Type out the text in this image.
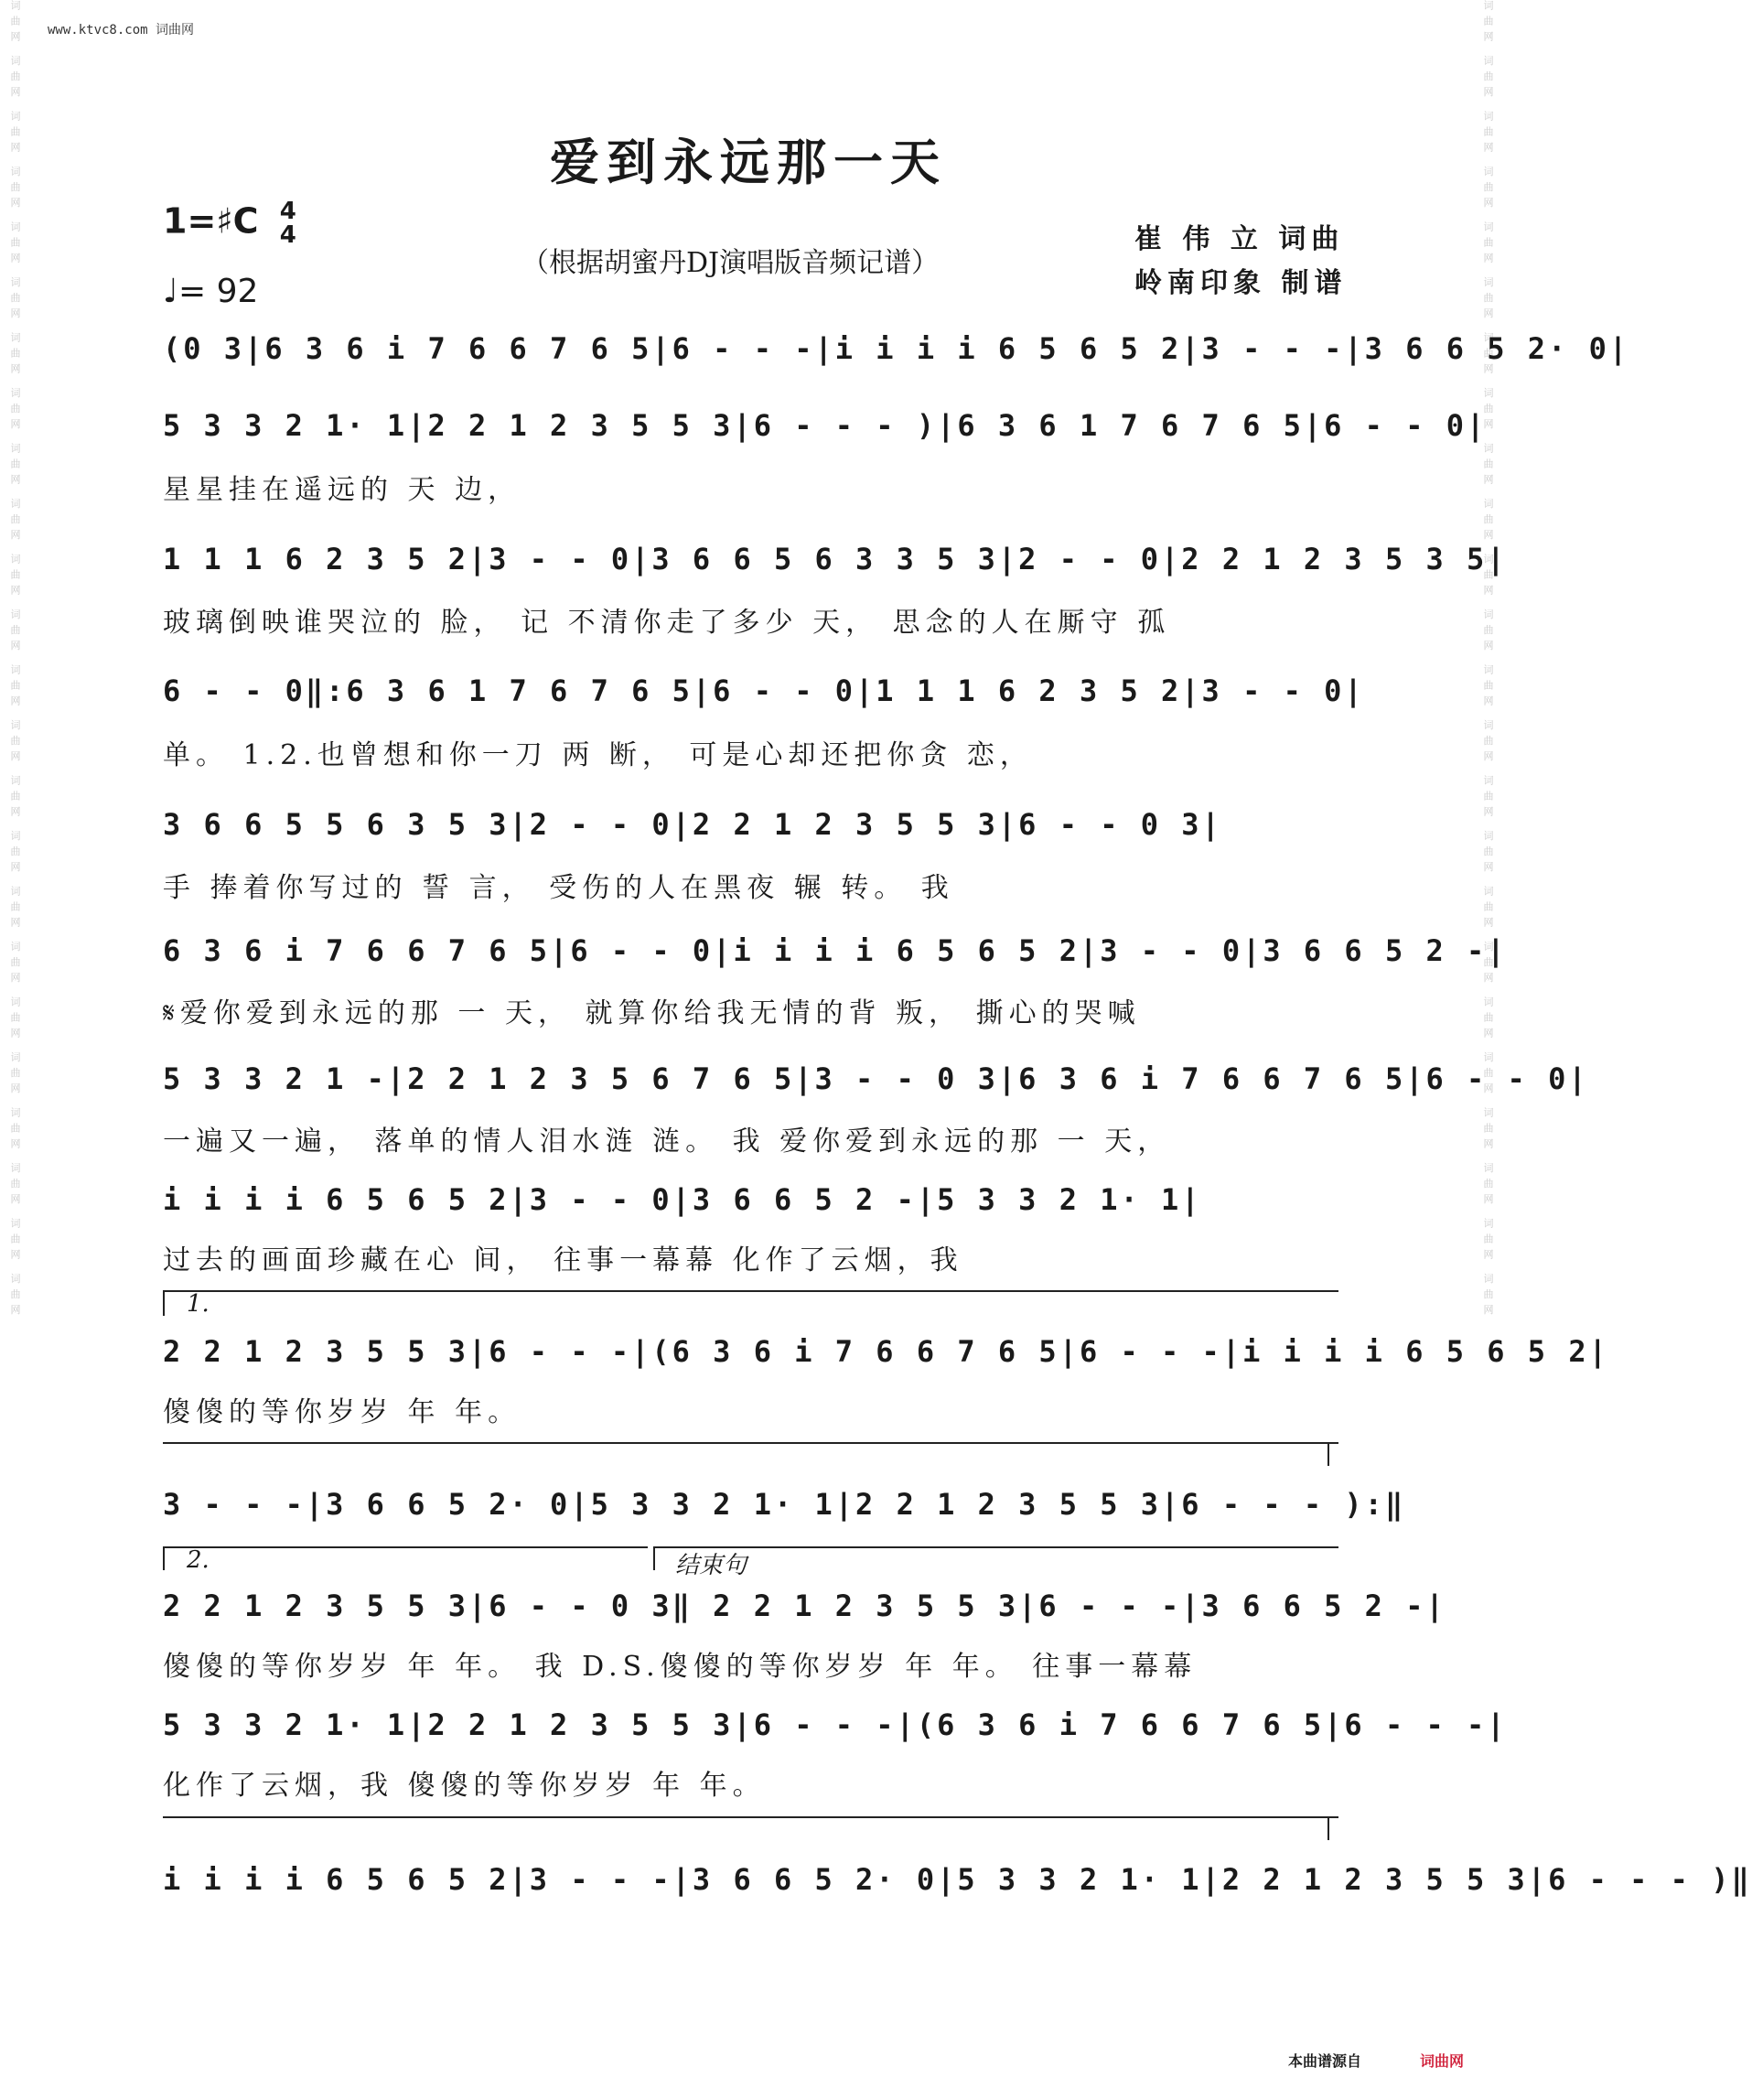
词曲网 词曲网 词曲网 词曲网 词曲网 词曲网 词曲网 词曲网 词曲网 词曲网 词曲网 词曲网 词曲网 词曲网 词曲网 词曲网 词曲网 词曲网 词曲网 词曲网 词曲网 词曲网 词曲网 词曲网	词曲网 词曲网 词曲网 词曲网 词曲网 词曲网 词曲网 词曲网 词曲网 词曲网 词曲网 词曲网 词曲网 词曲网 词曲网 词曲网 词曲网 词曲网 词曲网 词曲网 词曲网 词曲网 词曲网 词曲网
www.ktvc8.com 词曲网
爱到永远那一天
1=♯C 4
4
♩= 92
（根据胡蜜丹DJ演唱版音频记谱）
崔 伟 立 词曲
岭南印象 制谱
(0 3|6 3 6 i 7 6 6 7 6 5|6 - - -|i i i i 6 5 6 5 2|3 - - -|3 6 6 5 2· 0|
5 3 3 2 1· 1|2 2 1 2 3 5 5 3|6 - - - )|6 3 6 1 7 6 7 6 5|6 - - 0|
星星挂在遥远的 天 边，
1 1 1 6 2 3 5 2|3 - - 0|3 6 6 5 6 3 3 5 3|2 - - 0|2 2 1 2 3 5 3 5|
玻璃倒映谁哭泣的 脸， 记 不清你走了多少 天， 思念的人在厮守 孤
6 - - 0‖:6 3 6 1 7 6 7 6 5|6 - - 0|1 1 1 6 2 3 5 2|3 - - 0|
单。 1.2.也曾想和你一刀 两 断， 可是心却还把你贪 恋，
3 6 6 5 5 6 3 5 3|2 - - 0|2 2 1 2 3 5 5 3|6 - - 0 3|
手 捧着你写过的 誓 言， 受伤的人在黑夜 辗 转。 我
6 3 6 i 7 6 6 7 6 5|6 - - 0|i i i i 6 5 6 5 2|3 - - 0|3 6 6 5 2 -|
𝄋爱你爱到永远的那 一 天， 就算你给我无情的背 叛， 撕心的哭喊
5 3 3 2 1 -|2 2 1 2 3 5 6 7 6 5|3 - - 0 3|6 3 6 i 7 6 6 7 6 5|6 - - 0|
一遍又一遍， 落单的情人泪水涟 涟。 我 爱你爱到永远的那 一 天，
i i i i 6 5 6 5 2|3 - - 0|3 6 6 5 2 -|5 3 3 2 1· 1|
过去的画面珍藏在心 间， 往事一幕幕 化作了云烟，我
1.
2 2 1 2 3 5 5 3|6 - - -|(6 3 6 i 7 6 6 7 6 5|6 - - -|i i i i 6 5 6 5 2|
傻傻的等你岁岁 年 年。
3 - - -|3 6 6 5 2· 0|5 3 3 2 1· 1|2 2 1 2 3 5 5 3|6 - - - ):‖
2.	结束句
2 2 1 2 3 5 5 3|6 - - 0 3‖ 2 2 1 2 3 5 5 3|6 - - -|3 6 6 5 2 -|
傻傻的等你岁岁 年 年。 我 D.S.傻傻的等你岁岁 年 年。 往事一幕幕
5 3 3 2 1· 1|2 2 1 2 3 5 5 3|6 - - -|(6 3 6 i 7 6 6 7 6 5|6 - - -|
化作了云烟，我 傻傻的等你岁岁 年 年。
i i i i 6 5 6 5 2|3 - - -|3 6 6 5 2· 0|5 3 3 2 1· 1|2 2 1 2 3 5 5 3|6 - - - )‖
本曲谱源自	词曲网
